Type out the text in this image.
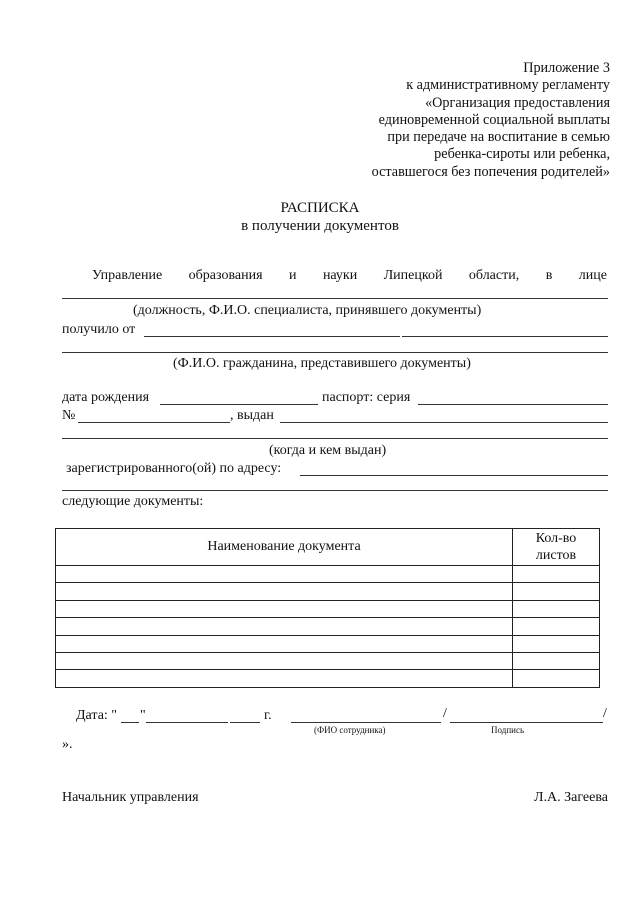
Приложение 3
к административному регламенту
«Организация предоставления
единовременной социальной выплаты
при передаче на воспитание в семью
ребенка-сироты или ребенка,
оставшегося без попечения родителей»
РАСПИСКА
в получении документов
Управление образования и науки Липецкой области, в лице
(должность, Ф.И.О. специалиста, принявшего документы)
получило от
(Ф.И.О. гражданина, представившего документы)
дата рождения	паспорт: серия
№	, выдан
(когда и кем выдан)
зарегистрированного(ой) по адресу:
следующие документы:
Наименование документа	Кол-во
листов

Дата: " "	г.	/	/
(ФИО сотрудника)	Подпись
».
Начальник управления	Л.А. Загеева
